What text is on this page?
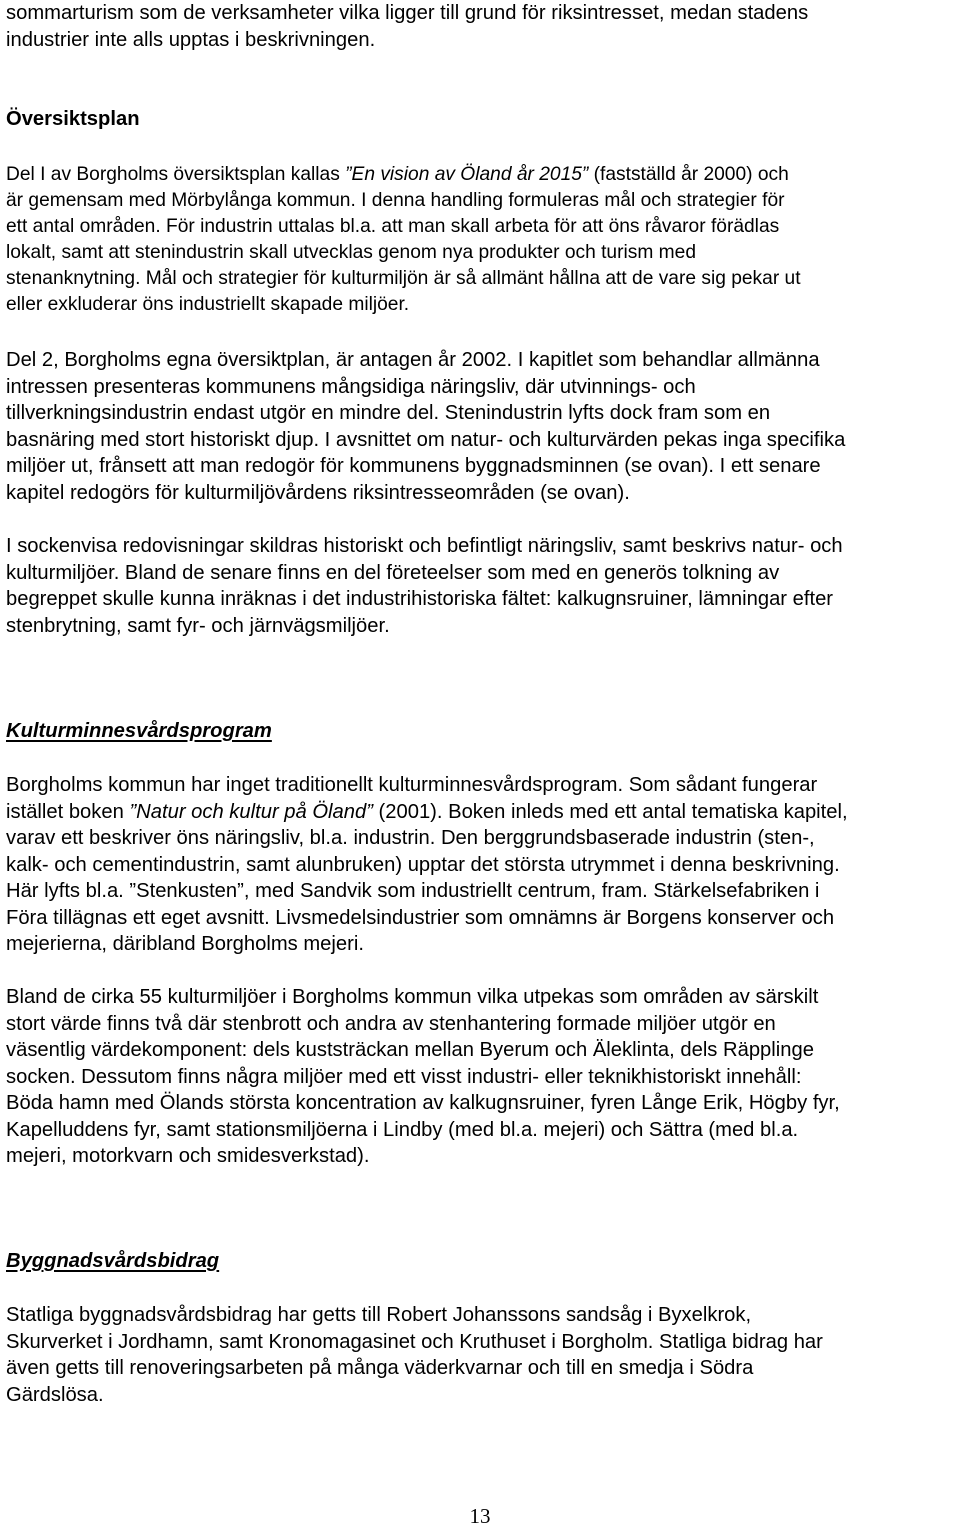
sommarturism som de verksamheter vilka ligger till grund för riksintresset, medan stadens
industrier inte alls upptas i beskrivningen.

Översiktsplan

Del I av Borgholms översiktsplan kallas ”En vision av Öland år 2015” (fastställd år 2000) och
är gemensam med Mörbylånga kommun. I denna handling formuleras mål och strategier för
ett antal områden. För industrin uttalas bl.a. att man skall arbeta för att öns råvaror förädlas
lokalt, samt att stenindustrin skall utvecklas genom nya produkter och turism med
stenanknytning. Mål och strategier för kulturmiljön är så allmänt hållna att de vare sig pekar ut
eller exkluderar öns industriellt skapade miljöer.

Del 2, Borgholms egna översiktplan, är antagen år 2002. I kapitlet som behandlar allmänna
intressen presenteras kommunens mångsidiga näringsliv, där utvinnings- och
tillverkningsindustrin endast utgör en mindre del. Stenindustrin lyfts dock fram som en
basnäring med stort historiskt djup. I avsnittet om natur- och kulturvärden pekas inga specifika
miljöer ut, frånsett att man redogör för kommunens byggnadsminnen (se ovan). I ett senare
kapitel redogörs för kulturmiljövårdens riksintresseområden (se ovan).

I sockenvisa redovisningar skildras historiskt och befintligt näringsliv, samt beskrivs natur- och
kulturmiljöer. Bland de senare finns en del företeelser som med en generös tolkning av
begreppet skulle kunna inräknas i det industrihistoriska fältet: kalkugnsruiner, lämningar efter
stenbrytning, samt fyr- och järnvägsmiljöer.

Kulturminnesvårdsprogram

Borgholms kommun har inget traditionellt kulturminnesvårdsprogram. Som sådant fungerar
istället boken ”Natur och kultur på Öland” (2001). Boken inleds med ett antal tematiska kapitel,
varav ett beskriver öns näringsliv, bl.a. industrin. Den berggrundsbaserade industrin (sten-,
kalk- och cementindustrin, samt alunbruken) upptar det största utrymmet i denna beskrivning.
Här lyfts bl.a. ”Stenkusten”, med Sandvik som industriellt centrum, fram. Stärkelsefabriken i
Föra tillägnas ett eget avsnitt. Livsmedelsindustrier som omnämns är Borgens konserver och
mejerierna, däribland Borgholms mejeri.

Bland de cirka 55 kulturmiljöer i Borgholms kommun vilka utpekas som områden av särskilt
stort värde finns två där stenbrott och andra av stenhantering formade miljöer utgör en
väsentlig värdekomponent: dels kuststräckan mellan Byerum och Äleklinta, dels Räpplinge
socken. Dessutom finns några miljöer med ett visst industri- eller teknikhistoriskt innehåll:
Böda hamn med Ölands största koncentration av kalkugnsruiner, fyren Långe Erik, Högby fyr,
Kapelluddens fyr, samt stationsmiljöerna i Lindby (med bl.a. mejeri) och Sättra (med bl.a.
mejeri, motorkvarn och smidesverkstad).

Byggnadsvårdsbidrag

Statliga byggnadsvårdsbidrag har getts till Robert Johanssons sandsåg i Byxelkrok,
Skurverket i Jordhamn, samt Kronomagasinet och Kruthuset i Borgholm. Statliga bidrag har
även getts till renoveringsarbeten på många väderkvarnar och till en smedja i Södra
Gärdslösa.

13
